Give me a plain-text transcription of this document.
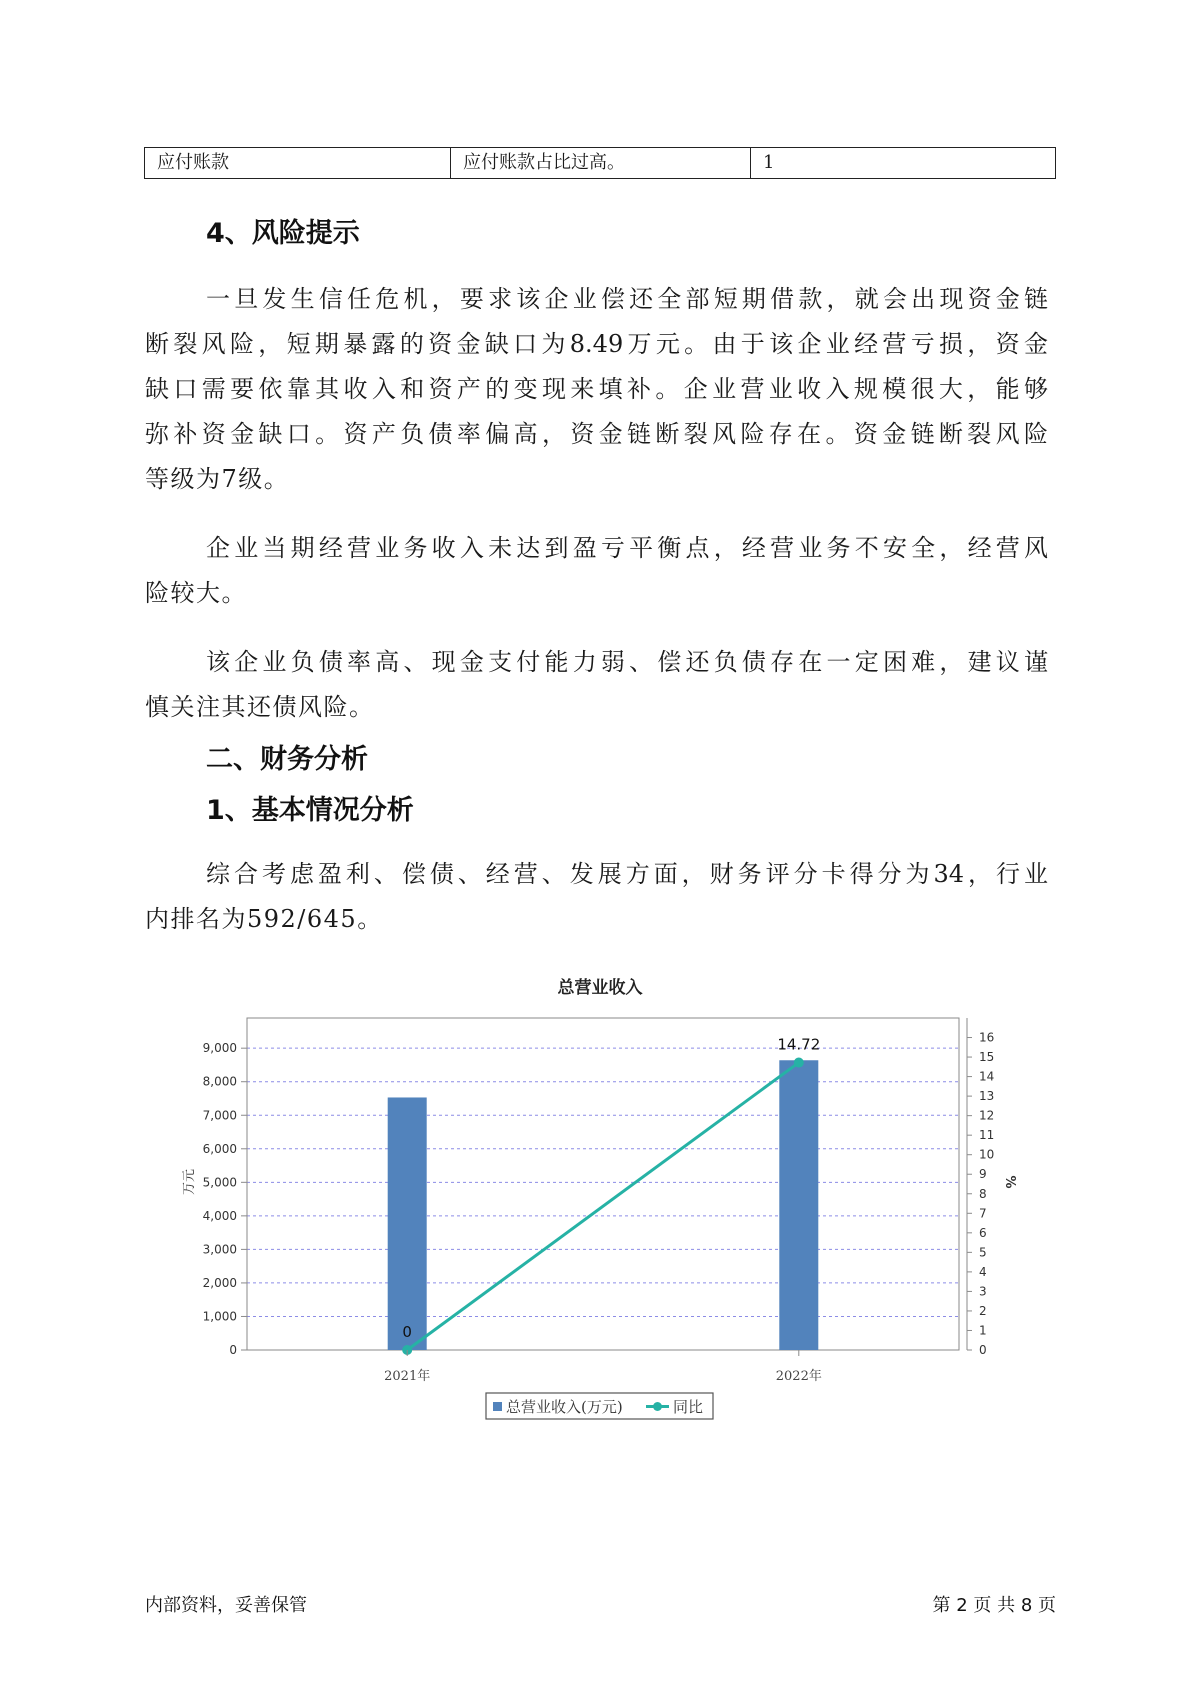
应付账款	应付账款占比过高。	1
4、风险提示
一旦发生信任危机，要求该企业偿还全部短期借款，就会出现资金链
断裂风险，短期暴露的资金缺口为8.49万元。由于该企业经营亏损，资金
缺口需要依靠其收入和资产的变现来填补。企业营业收入规模很大，能够
弥补资金缺口。资产负债率偏高，资金链断裂风险存在。资金链断裂风险
等级为7级。
企业当期经营业务收入未达到盈亏平衡点，经营业务不安全，经营风
险较大。
该企业负债率高、现金支付能力弱、偿还负债存在一定困难，建议谨
慎关注其还债风险。
二、财务分析
1、基本情况分析
综合考虑盈利、偿债、经营、发展方面，财务评分卡得分为34，行业
内排名为592/645。
总营业收入
0
1,000
2,000
3,000
4,000
5,000
6,000
7,000
8,000
9,000
0
1
2
3
4
5
6
7
8
9
10
11
12
13
14
15
16
0
14.72
2021年	2022年
万元	%
总营业收入(万元)	同比
内部资料，妥善保管	第 2 页 共 8 页
